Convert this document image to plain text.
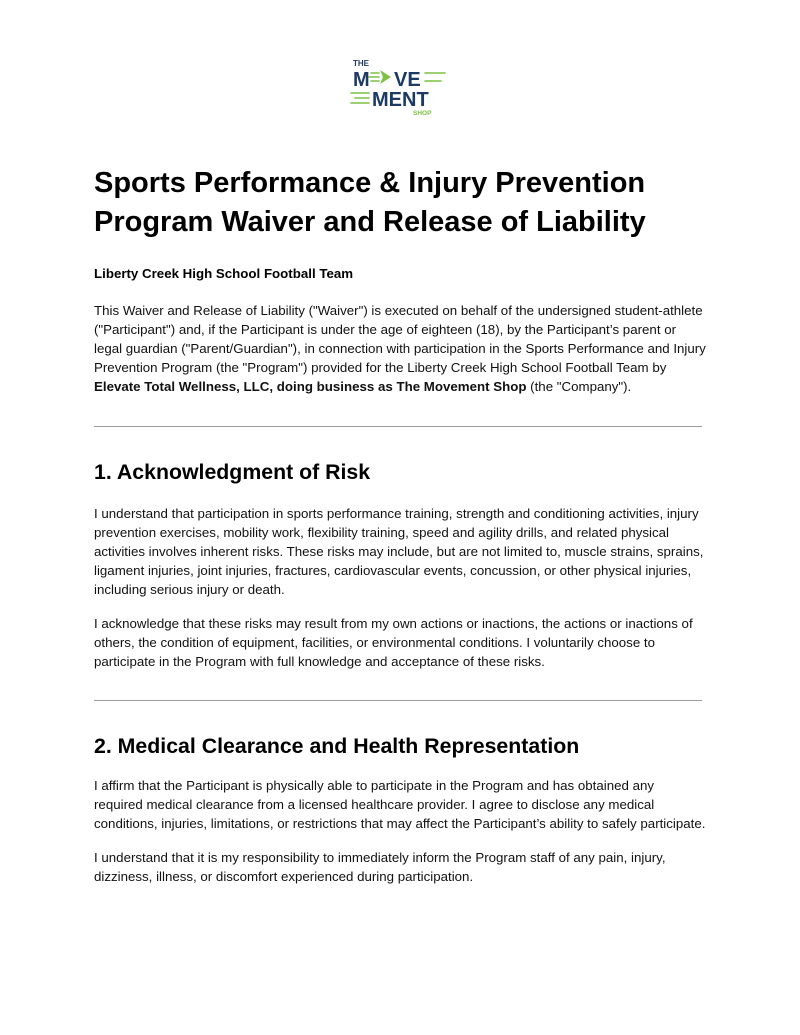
THE
M VE
MENT
SHOP
Sports Performance & Injury Prevention Program Waiver and Release of Liability
Liberty Creek High School Football Team

This Waiver and Release of Liability ("Waiver") is executed on behalf of the undersigned student-athlete ("Participant") and, if the Participant is under the age of eighteen (18), by the Participant’s parent or legal guardian ("Parent/Guardian"), in connection with participation in the Sports Performance and Injury Prevention Program (the "Program") provided for the Liberty Creek High School Football Team by Elevate Total Wellness, LLC, doing business as The Movement Shop (the "Company").

1. Acknowledgment of Risk

I understand that participation in sports performance training, strength and conditioning activities, injury prevention exercises, mobility work, flexibility training, speed and agility drills, and related physical activities involves inherent risks. These risks may include, but are not limited to, muscle strains, sprains, ligament injuries, joint injuries, fractures, cardiovascular events, concussion, or other physical injuries, including serious injury or death.

I acknowledge that these risks may result from my own actions or inactions, the actions or inactions of others, the condition of equipment, facilities, or environmental conditions. I voluntarily choose to participate in the Program with full knowledge and acceptance of these risks.

2. Medical Clearance and Health Representation

I affirm that the Participant is physically able to participate in the Program and has obtained any required medical clearance from a licensed healthcare provider. I agree to disclose any medical conditions, injuries, limitations, or restrictions that may affect the Participant’s ability to safely participate.

I understand that it is my responsibility to immediately inform the Program staff of any pain, injury, dizziness, illness, or discomfort experienced during participation.
